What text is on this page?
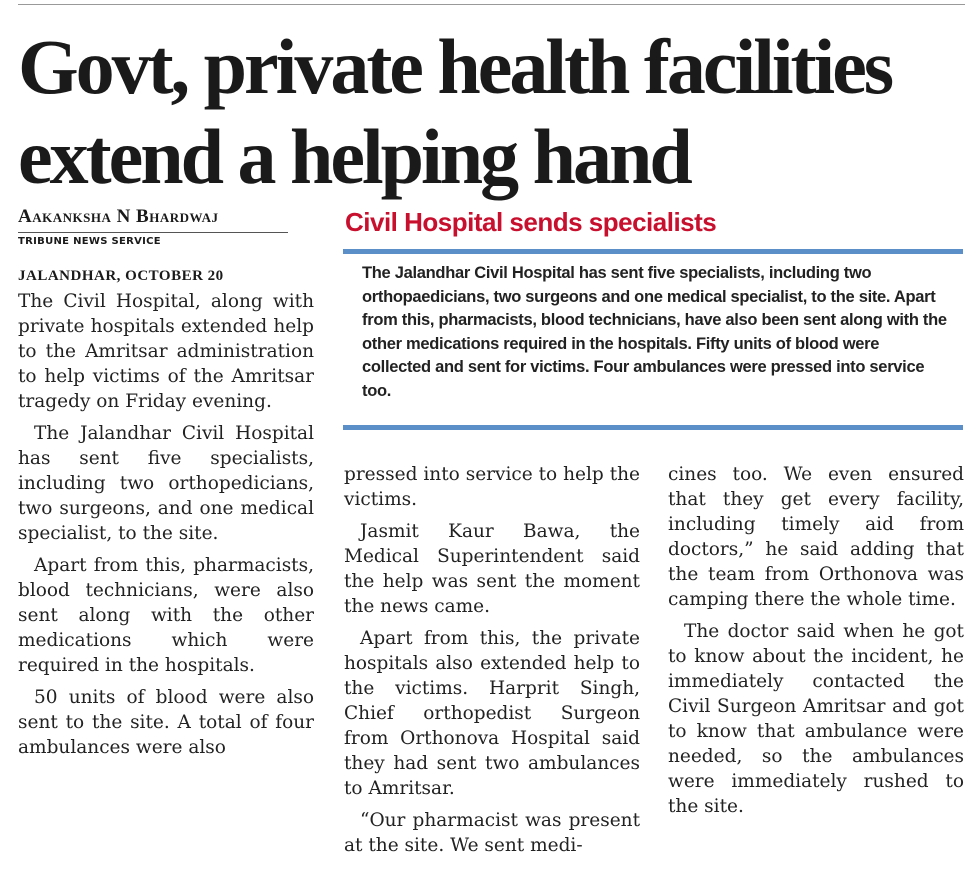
Govt, private health facilities
extend a helping hand
Aakanksha N Bhardwaj
TRIBUNE NEWS SERVICE
JALANDHAR, OCTOBER 20
Civil Hospital sends specialists
The Jalandhar Civil Hospital has sent five specialists, including two orthopaedicians, two surgeons and one medical specialist, to the site. Apart from this, pharmacists, blood technicians, have also been sent along with the other medications required in the hospitals. Fifty units of blood were collected and sent for victims. Four ambulances were pressed into service too.

The Civil Hospital, along with private hospitals extended help to the Amritsar administration to help victims of the Amritsar tragedy on Friday evening.

The Jalandhar Civil Hospital has sent five specialists, including two orthopedicians, two surgeons, and one medical specialist, to the site.

Apart from this, pharmacists, blood technicians, were also sent along with the other medications which were required in the hospitals.

50 units of blood were also sent to the site. A total of four ambulances were also

pressed into service to help the victims.

Jasmit Kaur Bawa, the Medical Superintendent said the help was sent the moment the news came.

Apart from this, the private hospitals also extended help to the victims. Harprit Singh, Chief orthopedist Surgeon from Orthonova Hospital said they had sent two ambulances to Amritsar.

“Our pharmacist was present at the site. We sent medi-

cines too. We even ensured that they get every facility, including timely aid from doctors,” he said adding that the team from Orthonova was camping there the whole time.

The doctor said when he got to know about the incident, he immediately contacted the Civil Surgeon Amritsar and got to know that ambulance were needed, so the ambulances were immediately rushed to the site.
